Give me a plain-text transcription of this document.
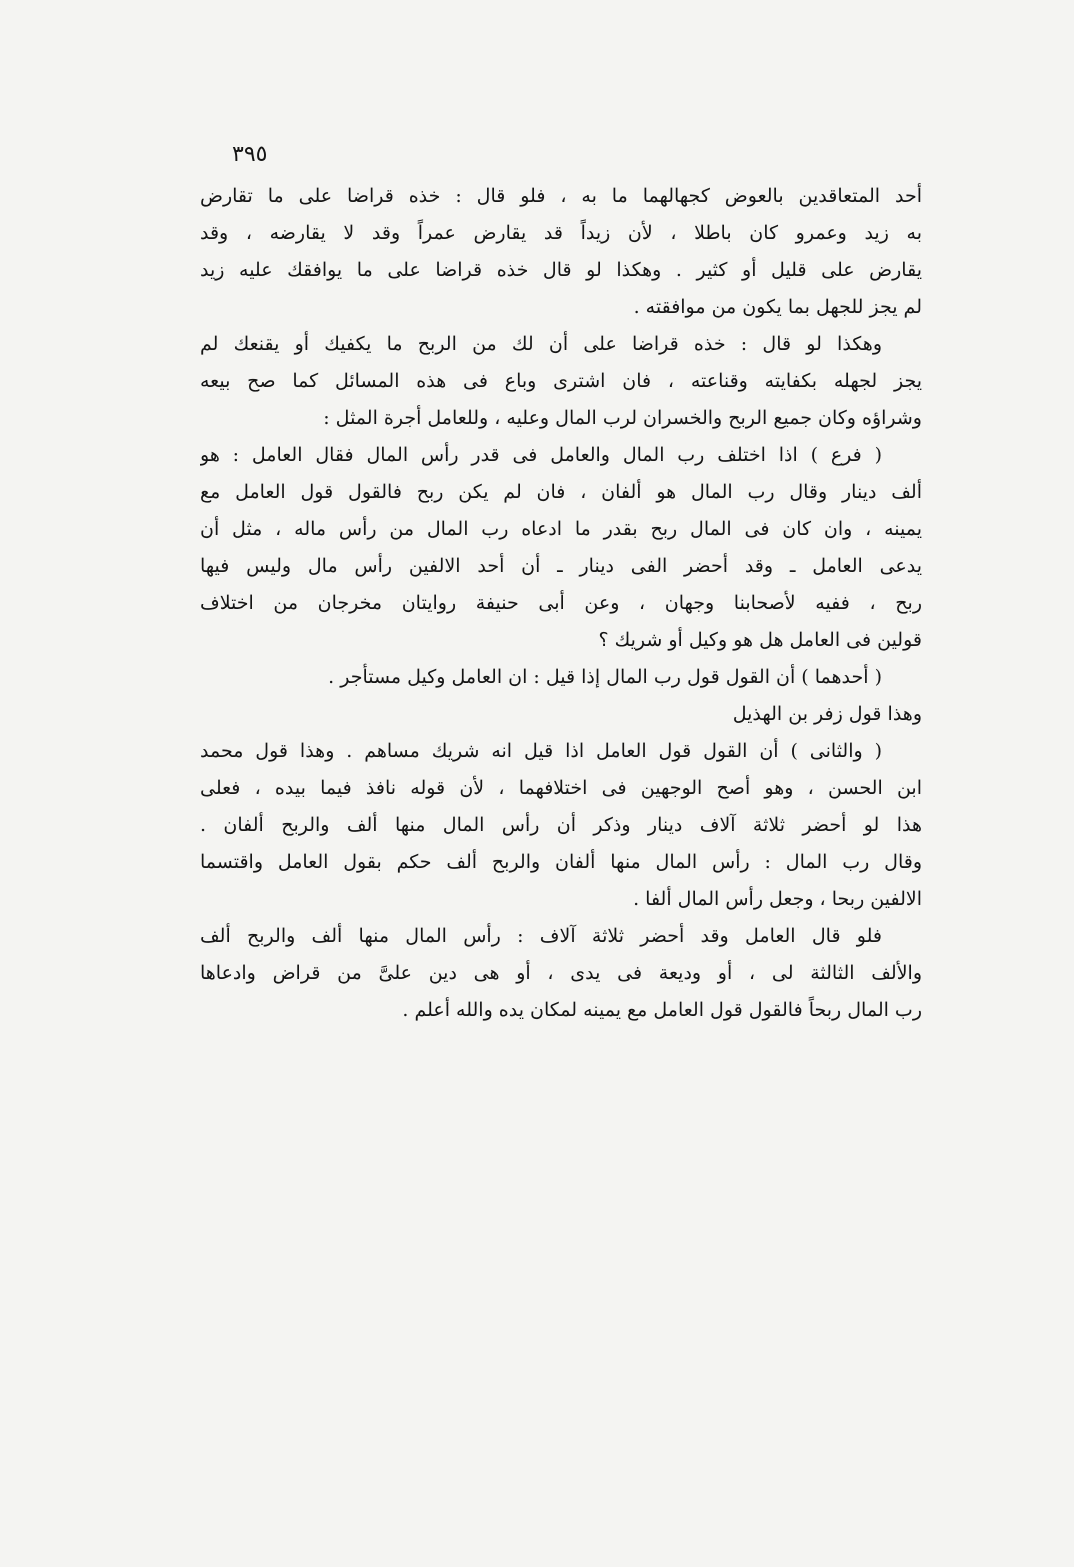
٣٩٥
أحد المتعاقدين بالعوض كجهالهما ما به ، فلو قال : خذه قراضا على ما تقارض
به زيد وعمرو كان باطلا ، لأن زيداً قد يقارض عمراً وقد لا يقارضه ، وقد
يقارض على قليل أو كثير . وهكذا لو قال خذه قراضا على ما يوافقك عليه زيد
لم يجز للجهل بما يكون من موافقته .
وهكذا لو قال : خذه قراضا على أن لك من الربح ما يكفيك أو يقنعك لم
يجز لجهله بكفايته وقناعته ، فان اشترى وباع فى هذه المسائل كما صح بيعه
وشراؤه وكان جميع الربح والخسران لرب المال وعليه ، وللعامل أجرة المثل :
( فرع ) اذا اختلف رب المال والعامل فى قدر رأس المال فقال العامل : هو
ألف دينار وقال رب المال هو ألفان ، فان لم يكن ربح فالقول قول العامل مع
يمينه ، وان كان فى المال ربح بقدر ما ادعاه رب المال من رأس ماله ، مثل أن
يدعى العامل ـ وقد أحضر الفى دينار ـ أن أحد الالفين رأس مال وليس فيها
ربح ، ففيه لأصحابنا وجهان ، وعن أبى حنيفة روايتان مخرجان من اختلاف
قولين فى العامل هل هو وكيل أو شريك ؟
( أحدهما ) أن القول قول رب المال إذا قيل : ان العامل وكيل مستأجر .
وهذا قول زفر بن الهذيل
( والثانى ) أن القول قول العامل اذا قيل انه شريك مساهم . وهذا قول محمد
ابن الحسن ، وهو أصح الوجهين فى اختلافهما ، لأن قوله نافذ فيما بيده ، فعلى
هذا لو أحضر ثلاثة آلاف دينار وذكر أن رأس المال منها ألف والربح ألفان .
وقال رب المال : رأس المال منها ألفان والربح ألف حكم بقول العامل واقتسما
الالفين ربحا ، وجعل رأس المال ألفا .
فلو قال العامل وقد أحضر ثلاثة آلاف : رأس المال منها ألف والربح ألف
والألف الثالثة لى ، أو وديعة فى يدى ، أو هى دين علىَّ من قراض وادعاها
رب المال ربحاً فالقول قول العامل مع يمينه لمكان يده والله أعلم .
